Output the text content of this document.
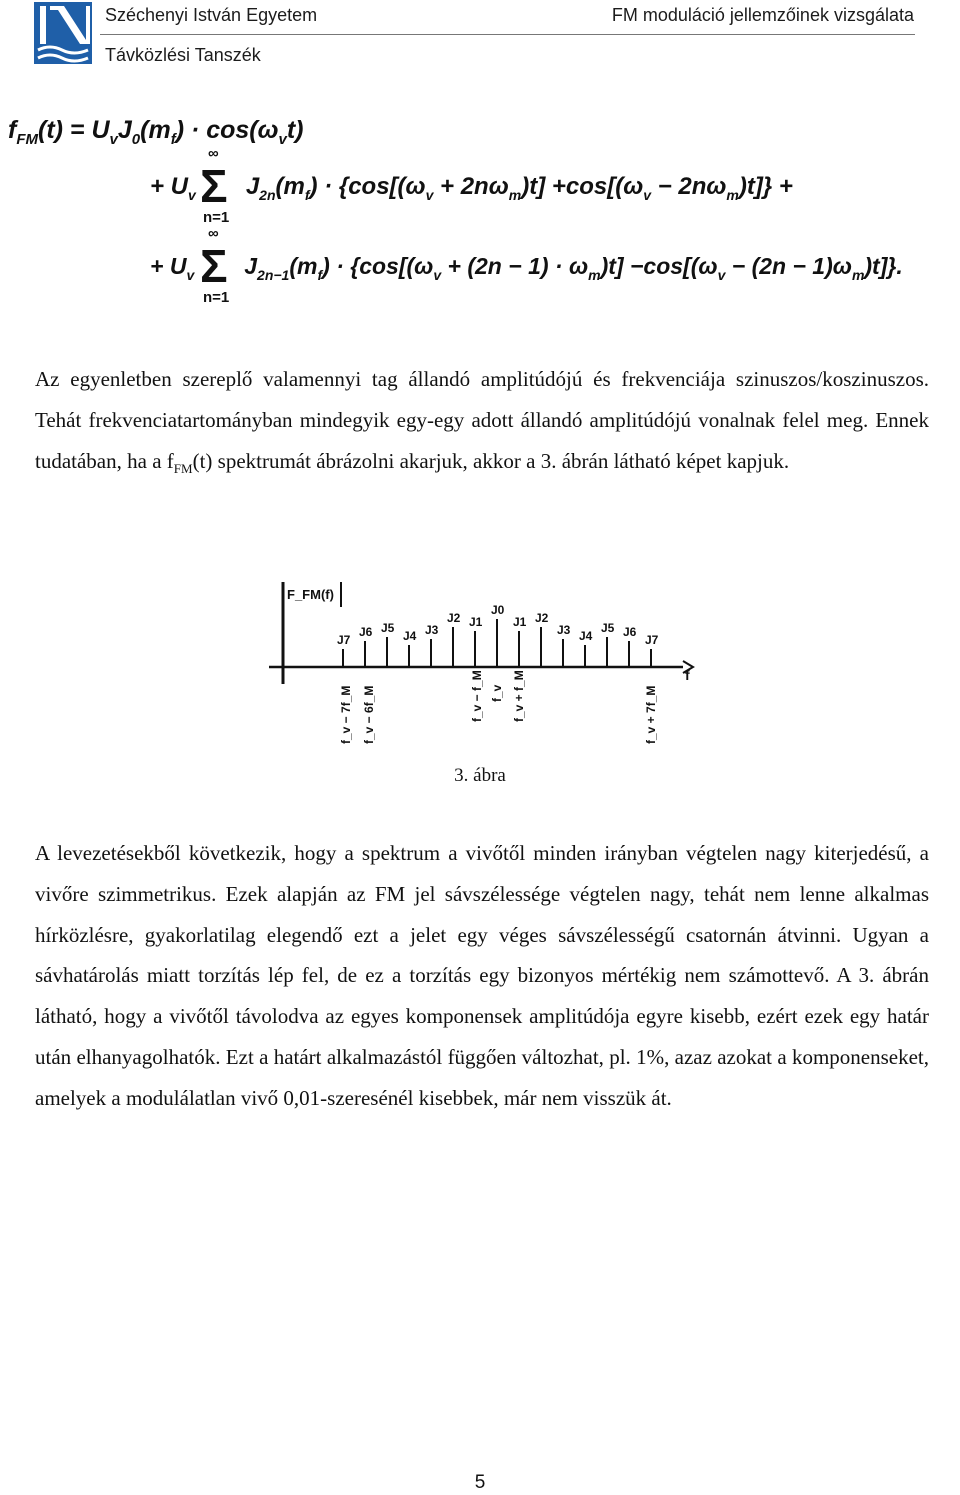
Széchenyi István Egyetem	FM moduláció jellemzőinek vizsgálata
Távközlési Tanszék
$f_{FM}(t) = U_vJ_0(m_f) \cdot \cos(\omega_vt)$
∞
Σ
n=1
+ $U_v$ $J_{2n}(m_f) \cdot \{\cos[(\omega_v + 2n\omega_m)t] +\cos[(\omega_v - 2n\omega_m)t]\}$ +
∞
Σ
n=1
+ $U_v$ $J_{2n-1}(m_f) \cdot \{\cos[(\omega_v + (2n - 1) \cdot \omega_m)t] -\cos[(\omega_v - (2n - 1)\omega_m)t]\}$.

Az egyenletben szereplő valamennyi tag állandó amplitúdójú és frekvenciája szinuszos/koszinuszos. Tehát frekvenciatartományban mindegyik egy-egy adott állandó amplitúdójú vonalnak felel meg. Ennek tudatában, ha a $f_{FM}(t)$ spektrumát ábrázolni akarjuk, akkor a 3. ábrán látható képet kapjuk.

F_FM(f)
f
J7
J6 J5
J4 J3
J2 J1
J0
J1 J2
J3 J4
J5 J6
J7
f_v − 7f_M f_v − 6f_M	f_v − f_M f_v f_v + f_M	f_v + 7f_M
3. ábra

A levezetésekből következik, hogy a spektrum a vivőtől minden irányban végtelen nagy kiterjedésű, a vivőre szimmetrikus. Ezek alapján az FM jel sávszélessége végtelen nagy, tehát nem lenne alkalmas hírközlésre, gyakorlatilag elegendő ezt a jelet egy véges sávszélességű csatornán átvinni. Ugyan a sávhatárolás miatt torzítás lép fel, de ez a torzítás egy bizonyos mértékig nem számottevő. A 3. ábrán látható, hogy a vivőtől távolodva az egyes komponensek amplitúdója egyre kisebb, ezért ezek egy határ után elhanyagolhatók. Ezt a határt alkalmazástól függően változhat, pl. 1%, azaz azokat a komponenseket, amelyek a modulálatlan vivő 0,01-szeresénél kisebbek, már nem visszük át.

5
